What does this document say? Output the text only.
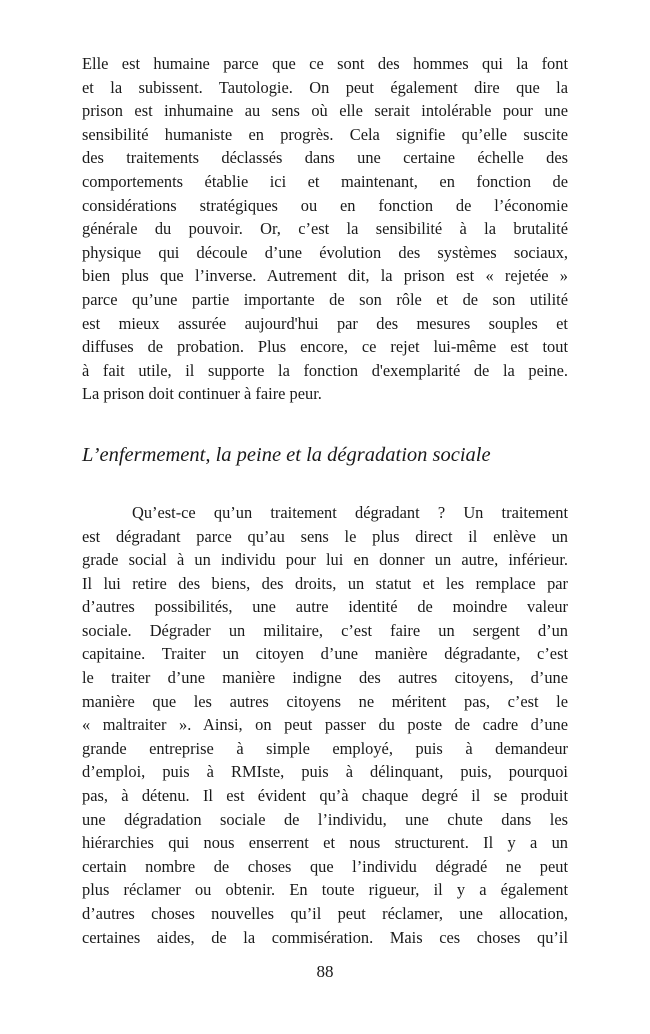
Elle est humaine parce que ce sont des hommes qui la font
et la subissent. Tautologie. On peut également dire que la
prison est inhumaine au sens où elle serait intolérable pour une
sensibilité humaniste en progrès. Cela signifie qu’elle suscite
des traitements déclassés dans une certaine échelle des
comportements établie ici et maintenant, en fonction de
considérations stratégiques ou en fonction de l’économie
générale du pouvoir. Or, c’est la sensibilité à la brutalité
physique qui découle d’une évolution des systèmes sociaux,
bien plus que l’inverse. Autrement dit, la prison est « rejetée »
parce qu’une partie importante de son rôle et de son utilité
est mieux assurée aujourd'hui par des mesures souples et
diffuses de probation. Plus encore, ce rejet lui-même est tout
à fait utile, il supporte la fonction d'exemplarité de la peine.
La prison doit continuer à faire peur.

L’enfermement, la peine et la dégradation sociale

Qu’est-ce qu’un traitement dégradant ? Un traitement
est dégradant parce qu’au sens le plus direct il enlève un
grade social à un individu pour lui en donner un autre, inférieur.
Il lui retire des biens, des droits, un statut et les remplace par
d’autres possibilités, une autre identité de moindre valeur
sociale. Dégrader un militaire, c’est faire un sergent d’un
capitaine. Traiter un citoyen d’une manière dégradante, c’est
le traiter d’une manière indigne des autres citoyens, d’une
manière que les autres citoyens ne méritent pas, c’est le
« maltraiter ». Ainsi, on peut passer du poste de cadre d’une
grande entreprise à simple employé, puis à demandeur
d’emploi, puis à RMIste, puis à délinquant, puis, pourquoi
pas, à détenu. Il est évident qu’à chaque degré il se produit
une dégradation sociale de l’individu, une chute dans les
hiérarchies qui nous enserrent et nous structurent. Il y a un
certain nombre de choses que l’individu dégradé ne peut
plus réclamer ou obtenir. En toute rigueur, il y a également
d’autres choses nouvelles qu’il peut réclamer, une allocation,
certaines aides, de la commisération. Mais ces choses qu’il

88
